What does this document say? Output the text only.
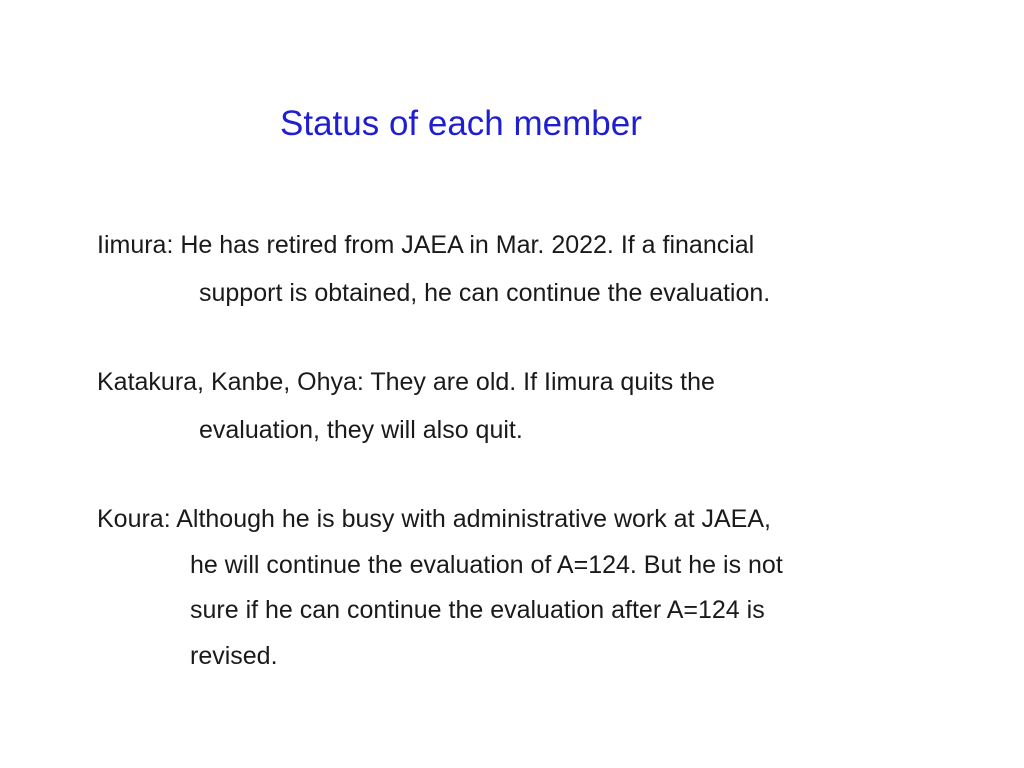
Status of each member
Iimura: He has retired from JAEA in Mar. 2022. If a financial
support is obtained, he can continue the evaluation.
Katakura, Kanbe, Ohya: They are old. If Iimura quits the
evaluation, they will also quit.
Koura: Although he is busy with administrative work at JAEA,
he will continue the evaluation of A=124. But he is not
sure if he can continue the evaluation after A=124 is
revised.
